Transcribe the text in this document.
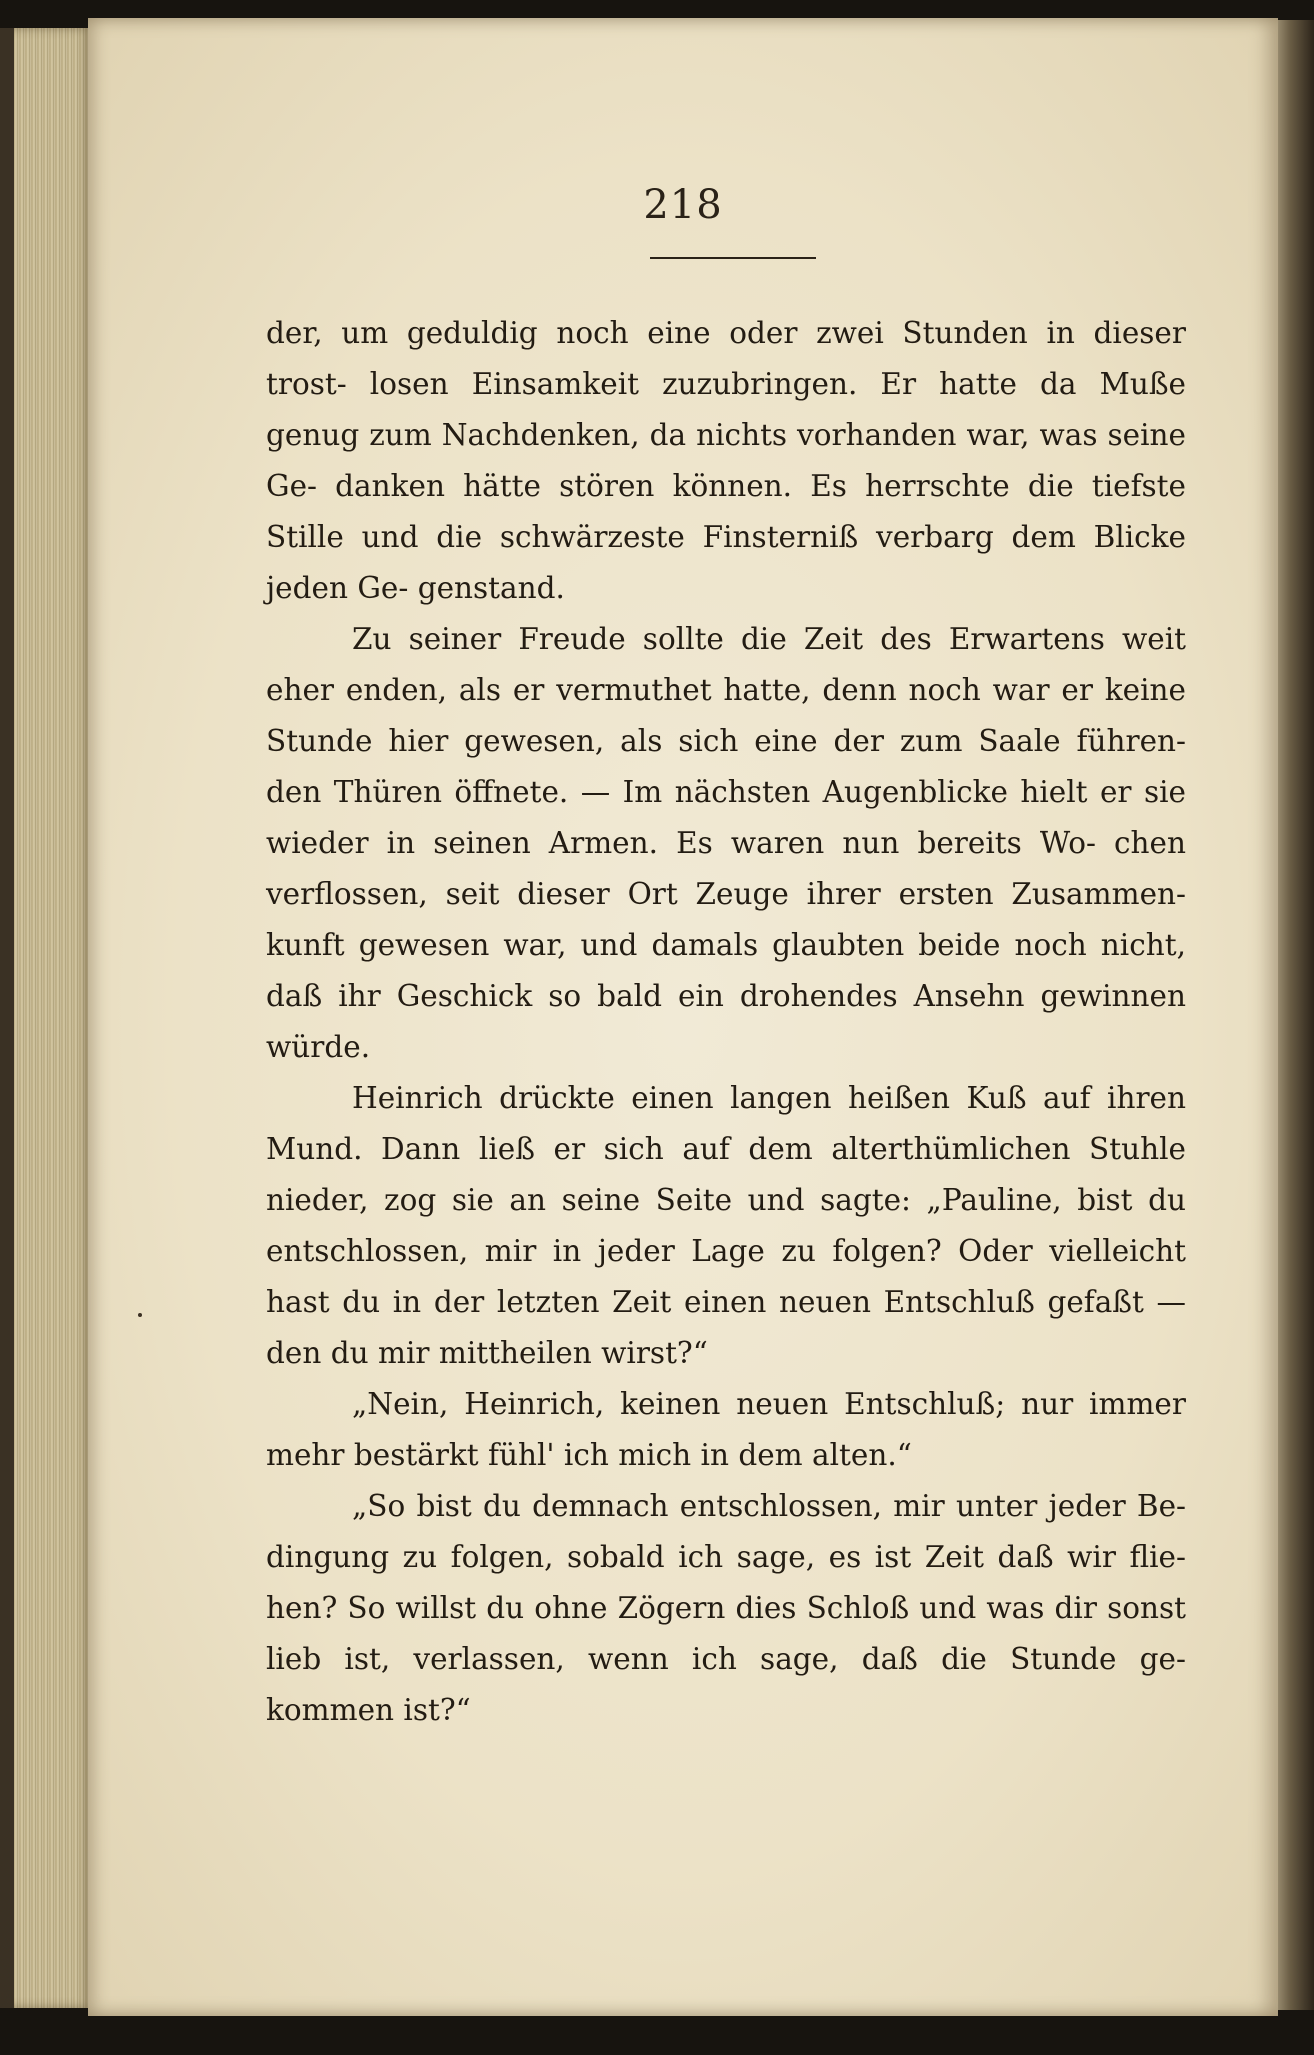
218

der, um geduldig noch eine oder zwei Stunden in dieser trost- losen Einsamkeit zuzubringen. Er hatte da Muße genug zum Nachdenken, da nichts vorhanden war, was seine Ge- danken hätte stören können. Es herrschte die tiefste Stille und die schwärzeste Finsterniß verbarg dem Blicke jeden Ge- genstand.

Zu seiner Freude sollte die Zeit des Erwartens weit eher enden, als er vermuthet hatte, denn noch war er keine Stunde hier gewesen, als sich eine der zum Saale führen- den Thüren öffnete. — Im nächsten Augenblicke hielt er sie wieder in seinen Armen. Es waren nun bereits Wo- chen verflossen, seit dieser Ort Zeuge ihrer ersten Zusammen- kunft gewesen war, und damals glaubten beide noch nicht, daß ihr Geschick so bald ein drohendes Ansehn gewinnen würde.

Heinrich drückte einen langen heißen Kuß auf ihren Mund. Dann ließ er sich auf dem alterthümlichen Stuhle nieder, zog sie an seine Seite und sagte: „Pauline, bist du entschlossen, mir in jeder Lage zu folgen? Oder vielleicht hast du in der letzten Zeit einen neuen Entschluß gefaßt — den du mir mittheilen wirst?“

„Nein, Heinrich, keinen neuen Entschluß; nur immer mehr bestärkt fühl' ich mich in dem alten.“

„So bist du demnach entschlossen, mir unter jeder Be- dingung zu folgen, sobald ich sage, es ist Zeit daß wir flie- hen? So willst du ohne Zögern dies Schloß und was dir sonst lieb ist, verlassen, wenn ich sage, daß die Stunde ge- kommen ist?“
